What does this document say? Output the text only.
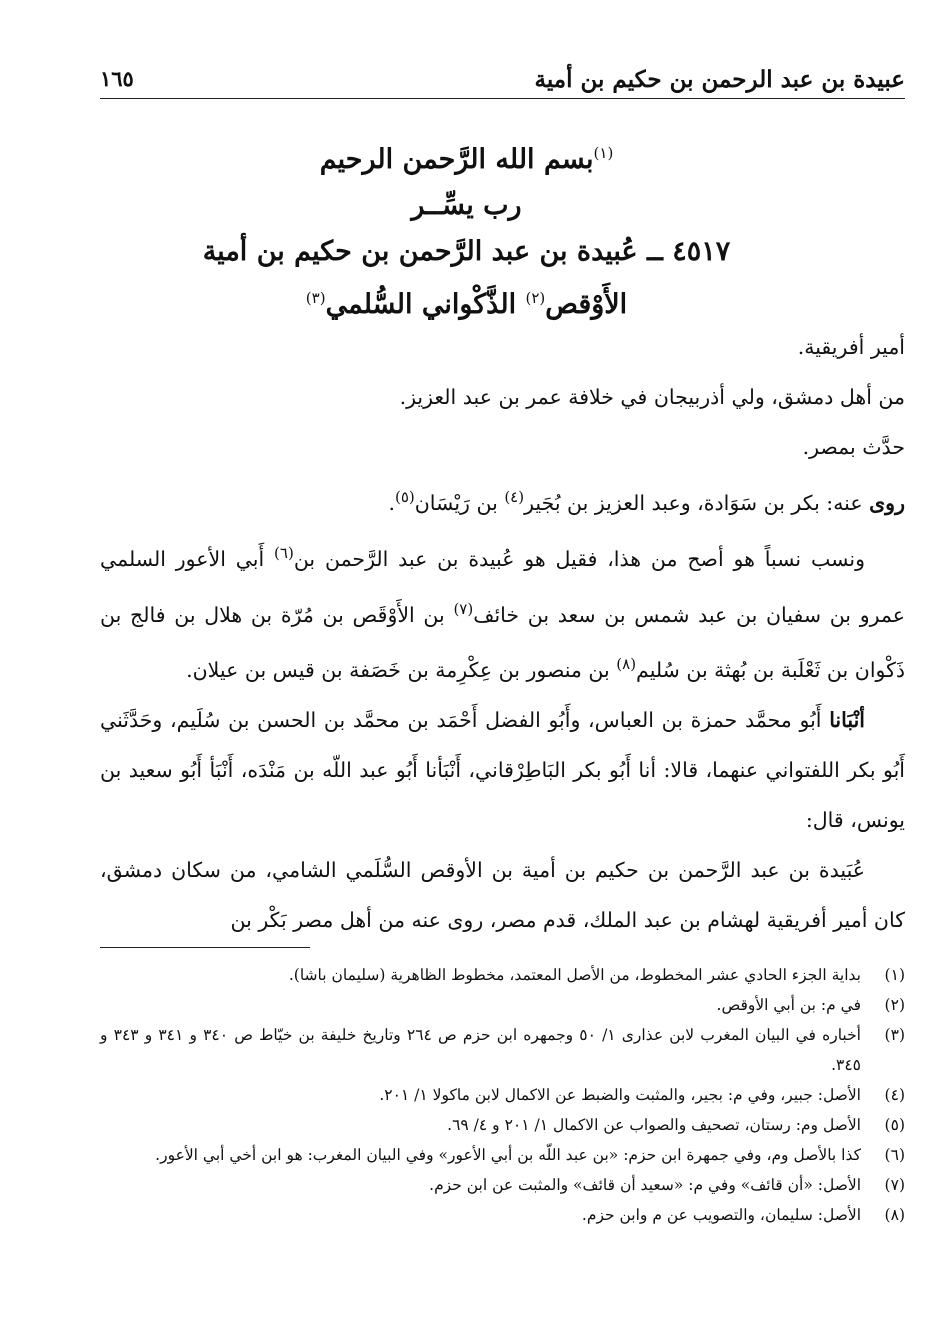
عبيدة بن عبد الرحمن بن حكيم بن أمية
١٦٥
$^{(١)}$بسم الله الرَّحمن الرحيم
رب يسِّــر
٤٥١٧ ــ عُبيدة بن عبد الرَّحمن بن حكيم بن أمية
الأَوْقص$^{(٢)}$ الذَّكْواني السُّلمي$^{(٣)}$

أمير أفريقية.

من أهل دمشق، ولي أذربيجان في خلافة عمر بن عبد العزيز.

حدَّث بمصر.

روى عنه: بكر بن سَوَادة، وعبد العزيز بن بُجَير$^{(٤)}$ بن رَيْسَان$^{(٥)}$.

ونسب نسباً هو أصح من هذا، فقيل هو عُبيدة بن عبد الرَّحمن بن$^{(٦)}$ أَبي الأعور السلمي عمرو بن سفيان بن عبد شمس بن سعد بن خائف$^{(٧)}$ بن الأَوْقَص بن مُرّة بن هلال بن فالج بن ذَكْوان بن ثَعْلَبة بن بُهثة بن سُليم$^{(٨)}$ بن منصور بن عِكْرِمة بن خَصَفة بن قيس بن عيلان.

أنْبَانا أَبُو محمَّد حمزة بن العباس، وأَبُو الفضل أَحْمَد بن محمَّد بن الحسن بن سُلَيم، وحَدَّثَني أَبُو بكر اللفتواني عنهما، قالا: أنا أَبُو بكر البَاطِرْقاني، أَنْبَأنا أَبُو عبد اللّه بن مَنْدَه، أَنْبَأ أَبُو سعيد بن يونس، قال:

عُبَيدة بن عبد الرَّحمن بن حكيم بن أمية بن الأوقص السُّلَمي الشامي، من سكان دمشق، كان أمير أفريقية لهشام بن عبد الملك، قدم مصر، روى عنه من أهل مصر بَكْر بن

(١)
بداية الجزء الحادي عشر المخطوط، من الأصل المعتمد، مخطوط الظاهرية (سليمان باشا).
(٢)
في م: بن أبي الأوقص.
(٣)
أخباره في البيان المغرب لابن عذارى ١/ ٥٠ وجمهره ابن حزم ص ٢٦٤ وتاريخ خليفة بن خيّاط ص ٣٤٠ و ٣٤١ و ٣٤٣ و ٣٤٥.
(٤)
الأصل: جبير، وفي م: بجير، والمثبت والضبط عن الاكمال لابن ماكولا ١/ ٢٠١.
(٥)
الأصل وم: رستان، تصحيف والصواب عن الاكمال ١/ ٢٠١ و ٤/ ٦٩.
(٦)
كذا بالأصل وم، وفي جمهرة ابن حزم: «بن عبد اللّه بن أبي الأعور» وفي البيان المغرب: هو ابن أخي أبي الأعور.
(٧)
الأصل: «أن قائف» وفي م: «سعيد أن قائف» والمثبت عن ابن حزم.
(٨)
الأصل: سليمان، والتصويب عن م وابن حزم.
